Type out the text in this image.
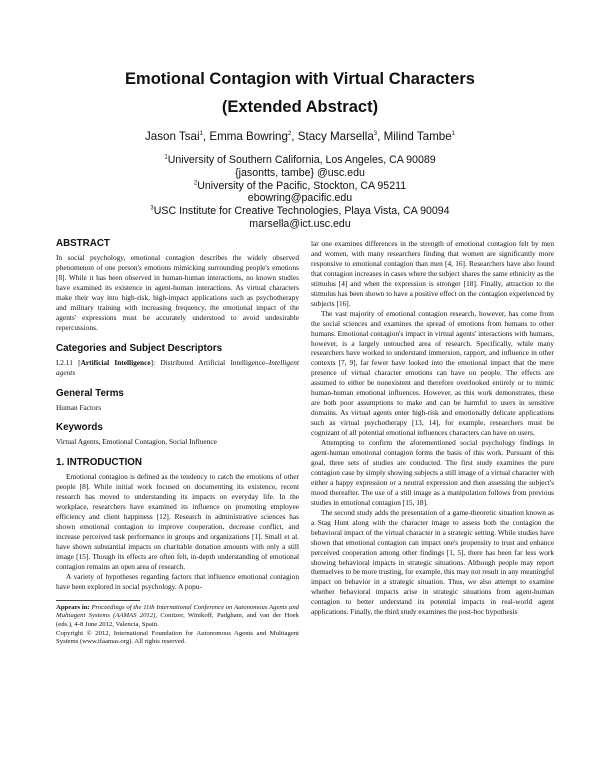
Emotional Contagion with Virtual Characters
(Extended Abstract)
Jason Tsai$^1$, Emma Bowring$^2$, Stacy Marsella$^3$, Milind Tambe$^1$
$^1$University of Southern California, Los Angeles, CA 90089
{jasontts, tambe} @usc.edu
$^2$University of the Pacific, Stockton, CA 95211
ebowring@pacific.edu
$^3$USC Institute for Creative Technologies, Playa Vista, CA 90094
marsella@ict.usc.edu
ABSTRACT

In social psychology, emotional contagion describes the widely observed phenomenon of one person's emotions mimicking surrounding people's emotions [8]. While it has been observed in human-human interactions, no known studies have examined its existence in agent-human interactions. As virtual characters make their way into high-risk, high-impact applications such as psychotherapy and military training with increasing frequency, the emotional impact of the agents' expressions must be accurately understood to avoid undesirable repercussions.

Categories and Subject Descriptors

I.2.11 [Artificial Intelligence]: Distributed Artificial Intelligence–Intelligent agents

General Terms

Human Factors

Keywords

Virtual Agents, Emotional Contagion, Social Influence

1. INTRODUCTION

Emotional contagion is defined as the tendency to catch the emotions of other people [8]. While initial work focused on documenting its existence, recent research has moved to understanding its impacts on everyday life. In the workplace, researchers have examined its influence on promoting employee efficiency and client happiness [12]. Research in administrative sciences has shown emotional contagion to improve cooperation, decrease conflict, and increase perceived task performance in groups and organizations [1]. Small et al. have shown substantial impacts on charitable donation amounts with only a still image [15]. Though its effects are often felt, in-depth understanding of emotional contagion remains an open area of research.

A variety of hypotheses regarding factors that influence emotional contagion have been explored in social psychology. A popu-

Appears in: Proceedings of the 11th International Conference on Autonomous Agents and Multiagent Systems (AAMAS 2012), Conitzer, Winikoff, Padgham, and van der Hoek (eds.), 4-8 June 2012, Valencia, Spain.

Copyright © 2012, International Foundation for Autonomous Agents and Multiagent Systems (www.ifaamas.org). All rights reserved.

lar one examines differences in the strength of emotional contagion felt by men and women, with many researchers finding that women are significantly more responsive to emotional contagion than men [4, 16]. Researchers have also found that contagion increases in cases where the subject shares the same ethnicity as the stimulus [4] and when the expression is stronger [18]. Finally, attraction to the stimulus has been shown to have a positive effect on the contagion experienced by subjects [16].

The vast majority of emotional contagion research, however, has come from the social sciences and examines the spread of emotions from humans to other humans. Emotional contagion's impact in virtual agents' interactions with humans, however, is a largely untouched area of research. Specifically, while many researchers have worked to understand immersion, rapport, and influence in other contexts [7, 9], far fewer have looked into the emotional impact that the mere presence of virtual character emotions can have on people. The effects are assumed to either be nonexistent and therefore overlooked entirely or to mimic human-human emotional influences. However, as this work demonstrates, these are both poor assumptions to make and can be harmful to users in sensitive domains. As virtual agents enter high-risk and emotionally delicate applications such as virtual psychotherapy [13, 14], for example, researchers must be cognizant of all potential emotional influences characters can have on users.

Attempting to confirm the aforementioned social psychology findings in agent-human emotional contagion forms the basis of this work. Pursuant of this goal, three sets of studies are conducted. The first study examines the pure contagion case by simply showing subjects a still image of a virtual character with either a happy expression or a neutral expression and then assessing the subject's mood thereafter. The use of a still image as a manipulation follows from previous studies in emotional contagion [15, 18].

The second study adds the presentation of a game-theoretic situation known as a Stag Hunt along with the character image to assess both the contagion the behavioral impact of the virtual character in a strategic setting. While studies have shown that emotional contagion can impact one's propensity to trust and enhance perceived cooperation among other findings [1, 5], there has been far less work showing behavioral impacts in strategic situations. Although people may report themselves to be more trusting, for example, this may not result in any meaningful impact on behavior in a strategic situation. Thus, we also attempt to examine whether behavioral impacts arise in strategic situations from agent-human contagion to better understand its potential impacts in real-world agent applications. Finally, the third study examines the post-hoc hypothesis
